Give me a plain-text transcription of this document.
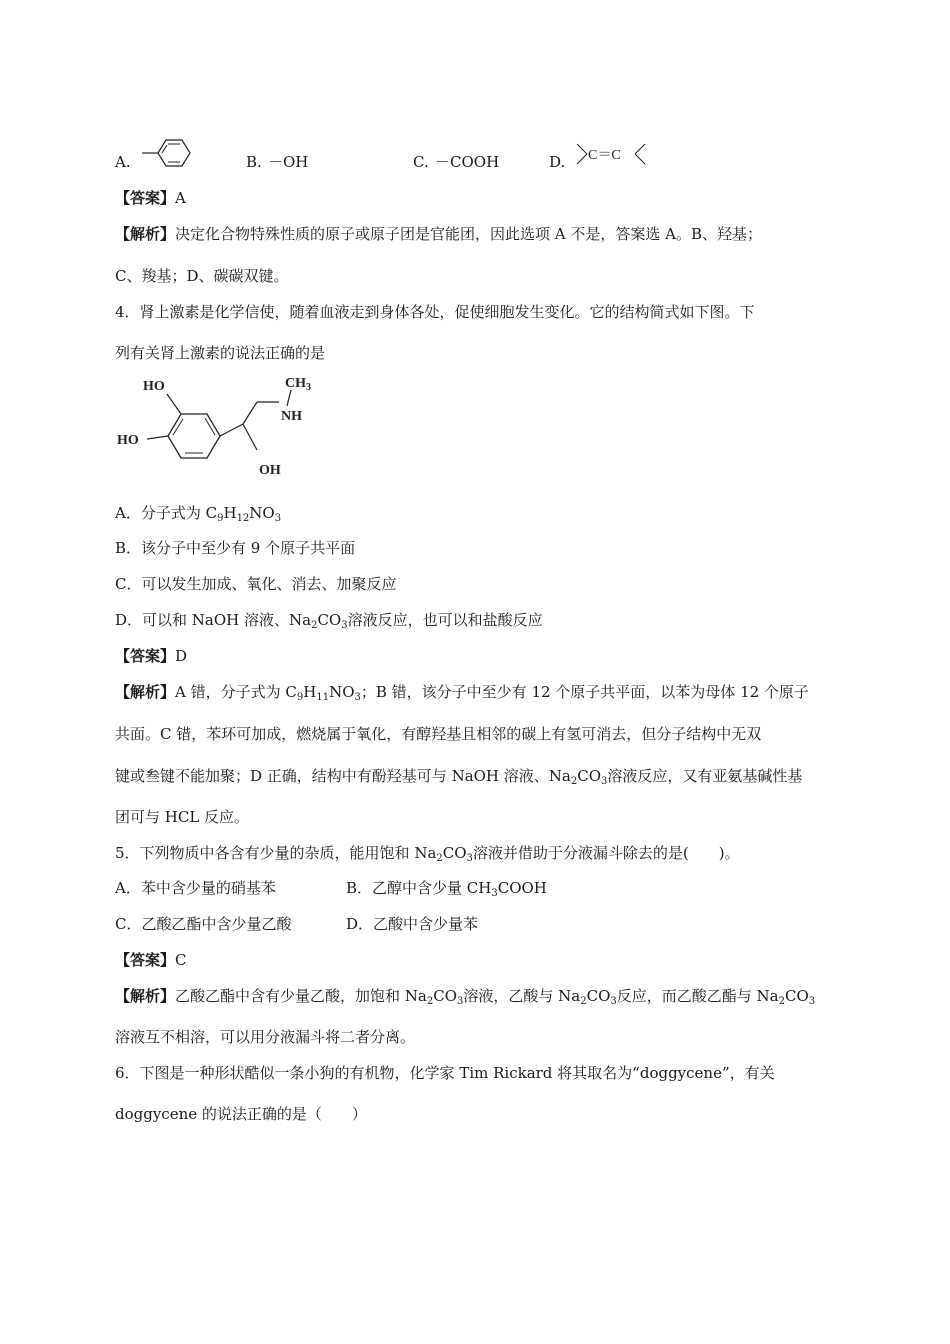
A.	B. －OH	C. －COOH	D. C＝C
【答案】A
【解析】决定化合物特殊性质的原子或原子团是官能团，因此选项 A 不是，答案选 A。B、羟基；
C、羧基；D、碳碳双键。
4．肾上激素是化学信使，随着血液走到身体各处，促使细胞发生变化。它的结构简式如下图。下
列有关肾上激素的说法正确的是
HO
HO
OH
NH
$CH_3$
A．分子式为 $C_9H_{12}NO_3$
B．该分子中至少有 9 个原子共平面
C．可以发生加成、氧化、消去、加聚反应
D．可以和 NaOH 溶液、$Na_2CO_3$溶液反应，也可以和盐酸反应
【答案】D
【解析】A 错，分子式为 $C_9H_{11}NO_3$；B 错，该分子中至少有 12 个原子共平面，以苯为母体 12 个原子
共面。C 错，苯环可加成，燃烧属于氧化，有醇羟基且相邻的碳上有氢可消去，但分子结构中无双
键或叁键不能加聚；D 正确，结构中有酚羟基可与 NaOH 溶液、$Na_2CO_3$溶液反应，又有亚氨基碱性基
团可与 HCL 反应。
5．下列物质中各含有少量的杂质，能用饱和 $Na_2CO_3$溶液并借助于分液漏斗除去的是(　　)。
A．苯中含少量的硝基苯	B．乙醇中含少量 $CH_3COOH$
C．乙酸乙酯中含少量乙酸	D．乙酸中含少量苯
【答案】C
【解析】乙酸乙酯中含有少量乙酸，加饱和 $Na_2CO_3$溶液，乙酸与 $Na_2CO_3$反应，而乙酸乙酯与 $Na_2CO_3$
溶液互不相溶，可以用分液漏斗将二者分离。
6．下图是一种形状酷似一条小狗的有机物，化学家 Tim Rickard 将其取名为“doggycene”，有关
doggycene 的说法正确的是（　　）
